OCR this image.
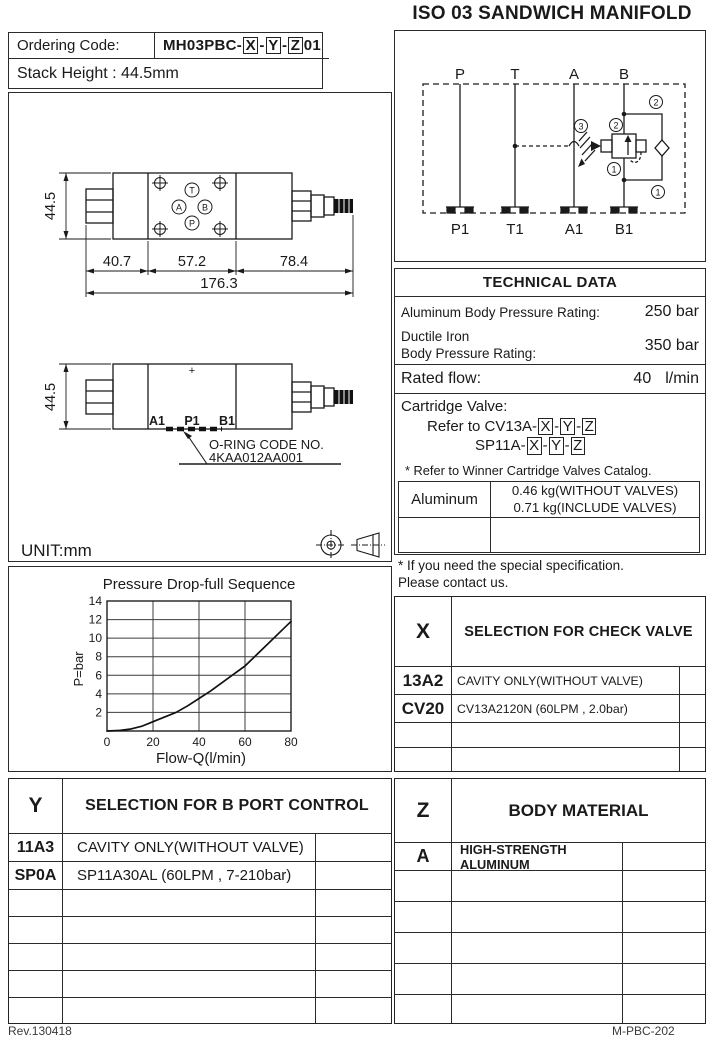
ISO 03 SANDWICH MANIFOLD
Ordering Code:	MH03PBC- X - Y - Z 01
Stack Height : 44.5mm	P	T	A	B
2
2
3
1
1
P1 T1	A1 B1
T
A B
P
44.5
40.7	57.2	78.4
176.3
+
A1 P1 B1
O-RING CODE NO.
4KAA012AA001
44.5
UNIT:mm
Pressure Drop-full Sequence
P=bar
Flow-Q(l/min)
0	20	40	60	80
2
4
6
8
10
12
14
TECHNICAL DATA
Aluminum Body Pressure Rating:	250 bar
Ductile Iron
Body Pressure Rating:	350 bar
Rated flow:	40 l/min
Cartridge Valve:
Refer to CV13A- X - Y - Z
SP11A- X - Y - Z
* Refer to Winner Cartridge Valves Catalog.
Aluminum
0.46 kg(WITHOUT VALVES)
0.71 kg(INCLUDE VALVES)
* If you need the special specification.
Please contact us.
X	SELECTION FOR CHECK VALVE
13A2	CAVITY ONLY(WITHOUT VALVE)
CV20	CV13A2120N (60LPM , 2.0bar)
Y	SELECTION FOR B PORT CONTROL
11A3	CAVITY ONLY(WITHOUT VALVE)
SP0A	SP11A30AL (60LPM , 7-210bar)
Z	BODY MATERIAL
A	HIGH-STRENGTH ALUMINUM
Rev.130418	M-PBC-202
